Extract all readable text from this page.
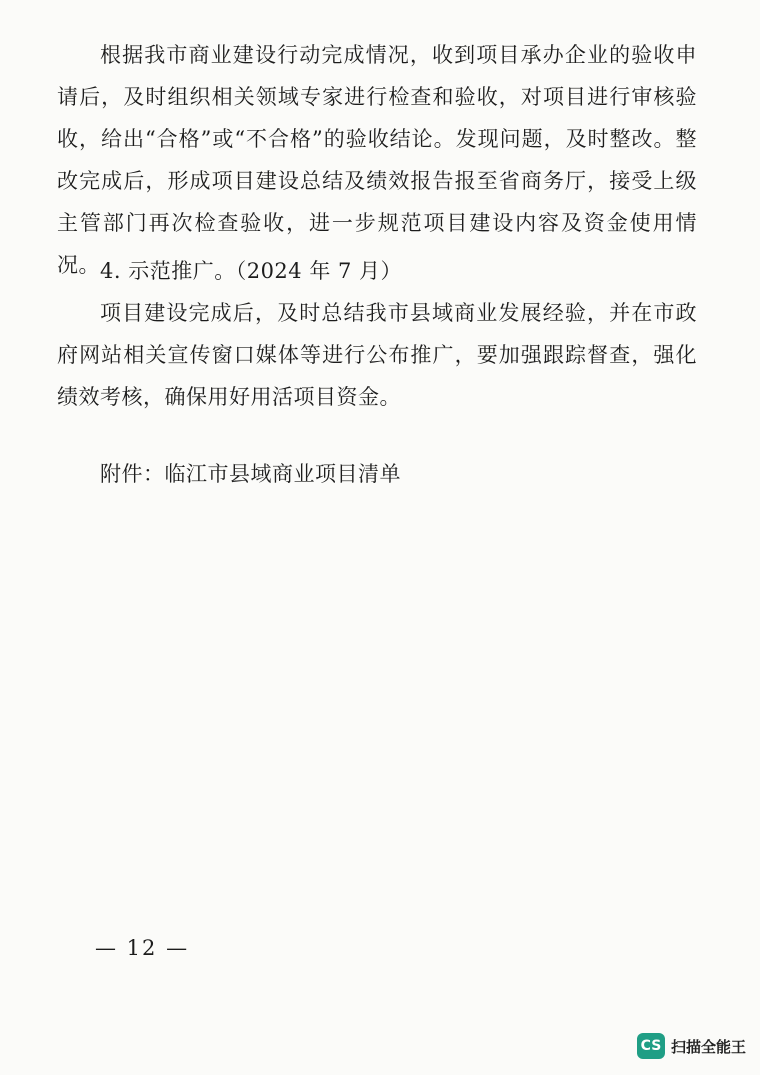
根据我市商业建设行动完成情况，收到项目承办企业的验收申请后，及时组织相关领域专家进行检查和验收，对项目进行审核验收，给出“合格”或“不合格”的验收结论。发现问题，及时整改。整改完成后，形成项目建设总结及绩效报告报至省商务厅，接受上级主管部门再次检查验收，进一步规范项目建设内容及资金使用情况。 4. 示范推广。（2024 年 7 月）

项目建设完成后，及时总结我市县域商业发展经验，并在市政府网站相关宣传窗口媒体等进行公布推广，要加强跟踪督查，强化绩效考核，确保用好用活项目资金。

附件：临江市县域商业项目清单

— 12 —
CS 扫描全能王
